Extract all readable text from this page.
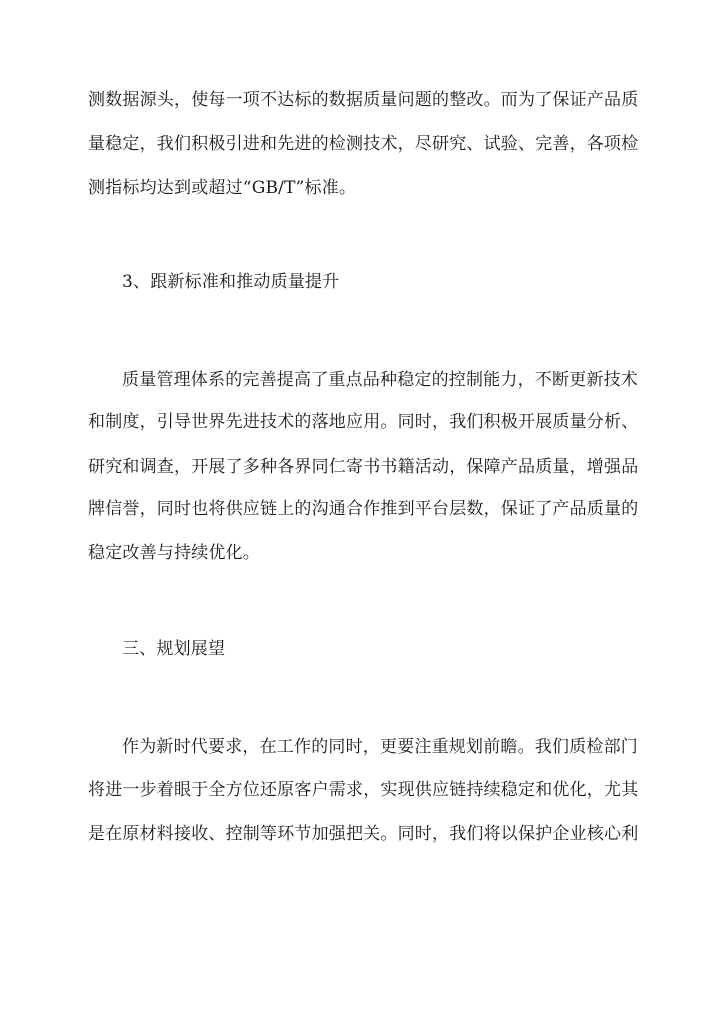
测数据源头，使每一项不达标的数据质量问题的整改。而为了保证产品质
量稳定，我们积极引进和先进的检测技术，尽研究、试验、完善，各项检
测指标均达到或超过“GB/T”标准。
3、跟新标准和推动质量提升
质量管理体系的完善提高了重点品种稳定的控制能力，不断更新技术
和制度，引导世界先进技术的落地应用。同时，我们积极开展质量分析、
研究和调查，开展了多种各界同仁寄书书籍活动，保障产品质量，增强品
牌信誉，同时也将供应链上的沟通合作推到平台层数，保证了产品质量的
稳定改善与持续优化。
三、规划展望
作为新时代要求，在工作的同时，更要注重规划前瞻。我们质检部门
将进一步着眼于全方位还原客户需求，实现供应链持续稳定和优化，尤其
是在原材料接收、控制等环节加强把关。同时，我们将以保护企业核心利
